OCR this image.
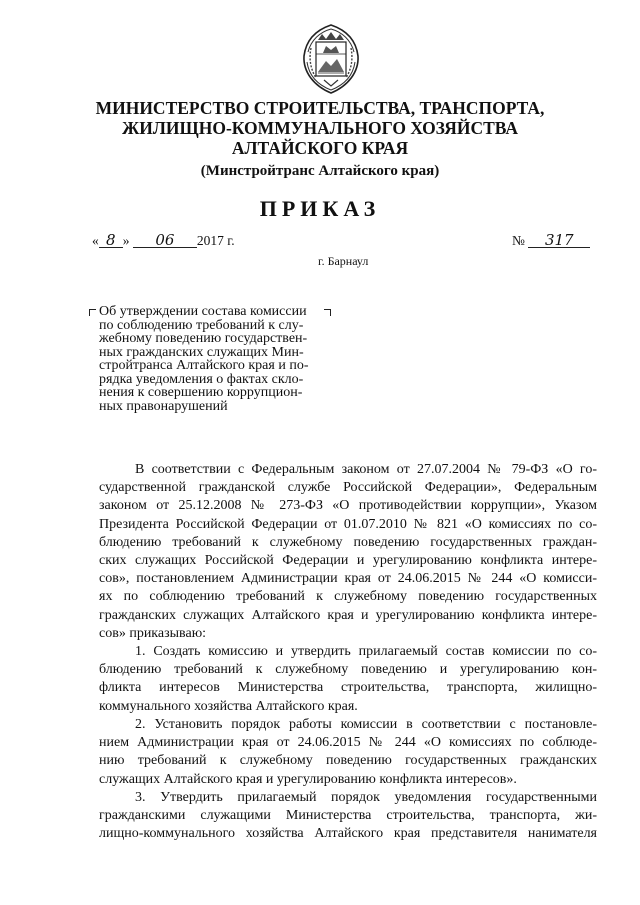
МИНИСТЕРСТВО СТРОИТЕЛЬСТВА, ТРАНСПОРТА,
ЖИЛИЩНО-КОММУНАЛЬНОГО ХОЗЯЙСТВА
АЛТАЙСКОГО КРАЯ
(Минстройтранс Алтайского края)
ПРИКАЗ
« 8 » 06 2017 г.	№ 317
г. Барнаул
Об утверждении состава комиссии
по соблюдению требований к слу-
жебному поведению государствен-
ных гражданских служащих Мин-
стройтранса Алтайского края и по-
рядка уведомления о фактах скло-
нения к совершению коррупцион-
ных правонарушений
В соответствии с Федеральным законом от 27.07.2004 № 79-ФЗ «О го-
сударственной гражданской службе Российской Федерации», Федеральным
законом от 25.12.2008 № 273-ФЗ «О противодействии коррупции», Указом
Президента Российской Федерации от 01.07.2010 № 821 «О комиссиях по со-
блюдению требований к служебному поведению государственных граждан-
ских служащих Российской Федерации и урегулированию конфликта интере-
сов», постановлением Администрации края от 24.06.2015 № 244 «О комисси-
ях по соблюдению требований к служебному поведению государственных
гражданских служащих Алтайского края и урегулированию конфликта интере-
сов» приказываю:
1. Создать комиссию и утвердить прилагаемый состав комиссии по со-
блюдению требований к служебному поведению и урегулированию кон-
фликта интересов Министерства строительства, транспорта, жилищно-
коммунального хозяйства Алтайского края.
2. Установить порядок работы комиссии в соответствии с постановле-
нием Администрации края от 24.06.2015 № 244 «О комиссиях по соблюде-
нию требований к служебному поведению государственных гражданских
служащих Алтайского края и урегулированию конфликта интересов».
3. Утвердить прилагаемый порядок уведомления государственными
гражданскими служащими Министерства строительства, транспорта, жи-
лищно-коммунального хозяйства Алтайского края представителя нанимателя
